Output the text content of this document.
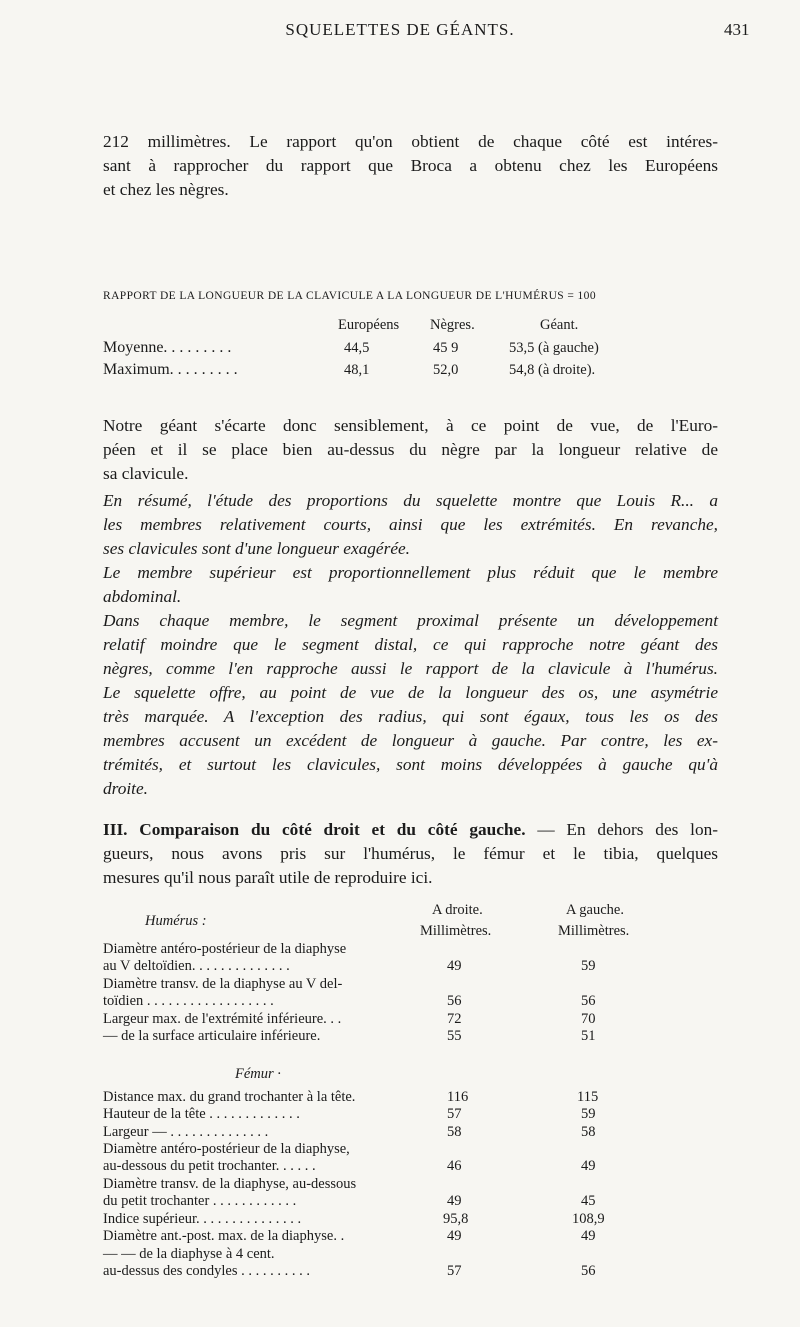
SQUELETTES DE GÉANTS.	431
212 millimètres. Le rapport qu'on obtient de chaque côté est intéres-
sant à rapprocher du rapport que Broca a obtenu chez les Européens
et chez les nègres.
RAPPORT DE LA LONGUEUR DE LA CLAVICULE A LA LONGUEUR DE L'HUMÉRUS = 100
Européens Nègres.	Géant.
Moyenne. . . . . . . . .	44,5	45 9	53,5 (à gauche)
Maximum. . . . . . . . .	48,1	52,0	54,8 (à droite).
Notre géant s'écarte donc sensiblement, à ce point de vue, de l'Euro-
péen et il se place bien au-dessus du nègre par la longueur relative de
sa clavicule.
En résumé, l'étude des proportions du squelette montre que Louis R... a
les membres relativement courts, ainsi que les extrémités. En revanche,
ses clavicules sont d'une longueur exagérée.
Le membre supérieur est proportionnellement plus réduit que le membre
abdominal.
Dans chaque membre, le segment proximal présente un développement
relatif moindre que le segment distal, ce qui rapproche notre géant des
nègres, comme l'en rapproche aussi le rapport de la clavicule à l'humérus.
Le squelette offre, au point de vue de la longueur des os, une asymétrie
très marquée. A l'exception des radius, qui sont égaux, tous les os des
membres accusent un excédent de longueur à gauche. Par contre, les ex-
trémités, et surtout les clavicules, sont moins développées à gauche qu'à
droite.
III. Comparaison du côté droit et du côté gauche. — En dehors des lon-
gueurs, nous avons pris sur l'humérus, le fémur et le tibia, quelques
mesures qu'il nous paraît utile de reproduire ici.
A droite.	A gauche.
Humérus :
Millimètres.	Millimètres.
Diamètre antéro-postérieur de la diaphyse
au V deltoïdien. . . . . . . . . . . . . .	49	59
Diamètre transv. de la diaphyse au V del-
toïdien . . . . . . . . . . . . . . . . . .	56	56
Largeur max. de l'extrémité inférieure. . .	72	70
— de la surface articulaire inférieure.	55	51
Fémur ·
Distance max. du grand trochanter à la tête.	116	115
Hauteur de la tête . . . . . . . . . . . . .	57	59
Largeur — . . . . . . . . . . . . . .	58	58
Diamètre antéro-postérieur de la diaphyse,
au-dessous du petit trochanter. . . . . .	46	49
Diamètre transv. de la diaphyse, au-dessous
du petit trochanter . . . . . . . . . . . .	49	45
Indice supérieur. . . . . . . . . . . . . . .	95,8	108,9
Diamètre ant.-post. max. de la diaphyse. .	49	49
— — de la diaphyse à 4 cent.
au-dessus des condyles . . . . . . . . . .	57	56
